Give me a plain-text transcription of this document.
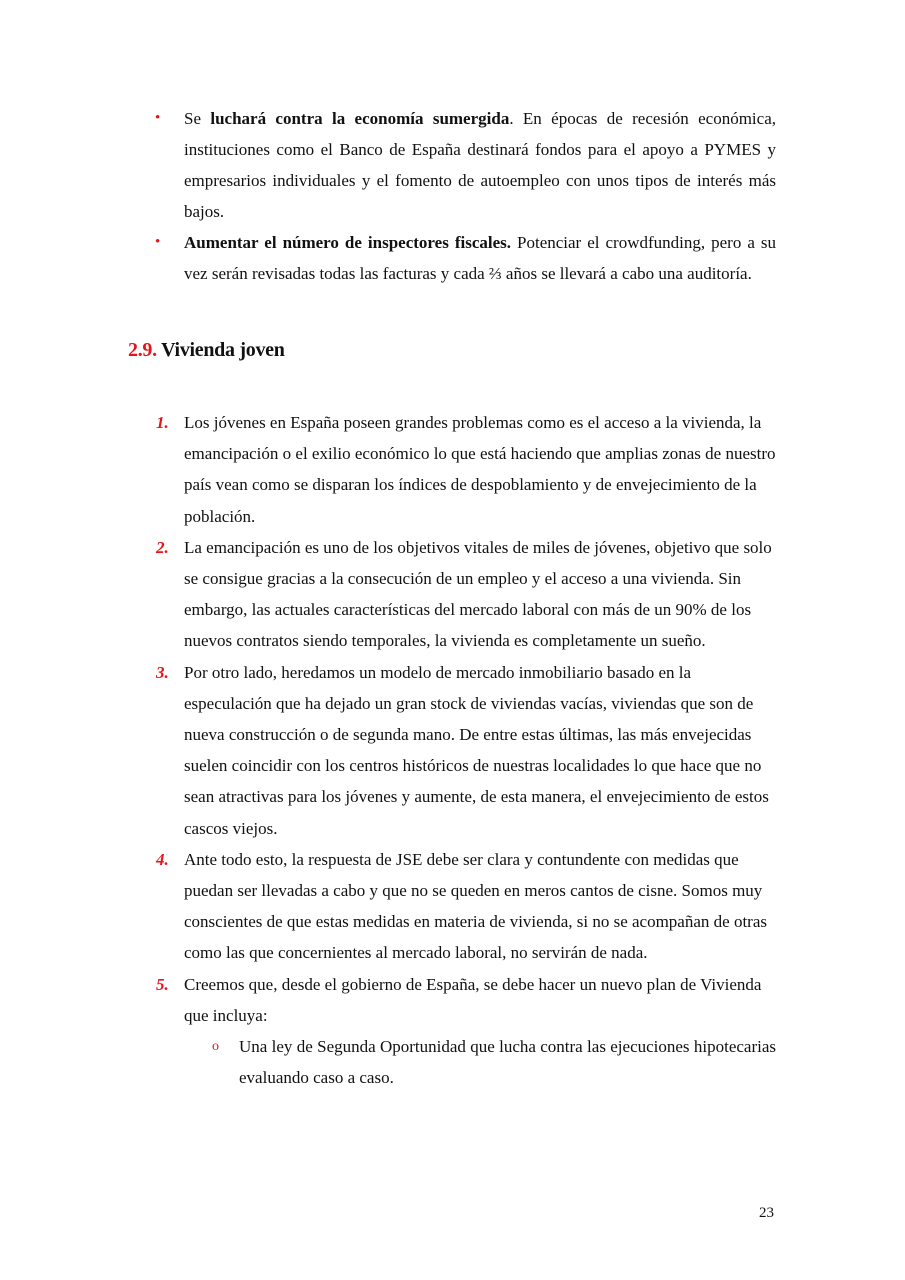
• Se luchará contra la economía sumergida. En épocas de recesión económica, instituciones como el Banco de España destinará fondos para el apoyo a PYMES y empresarios individuales y el fomento de autoempleo con unos tipos de interés más bajos.
• Aumentar el número de inspectores fiscales. Potenciar el crowdfunding, pero a su vez serán revisadas todas las facturas y cada ⅔ años se llevará a cabo una auditoría.
2.9. Vivienda joven
1. Los jóvenes en España poseen grandes problemas como es el acceso a la vivienda, la emancipación o el exilio económico lo que está haciendo que amplias zonas de nuestro país vean como se disparan los índices de despoblamiento y de envejecimiento de la población.
2. La emancipación es uno de los objetivos vitales de miles de jóvenes, objetivo que solo se consigue gracias a la consecución de un empleo y el acceso a una vivienda. Sin embargo, las actuales características del mercado laboral con más de un 90% de los nuevos contratos siendo temporales, la vivienda es completamente un sueño.
3. Por otro lado, heredamos un modelo de mercado inmobiliario basado en la especulación que ha dejado un gran stock de viviendas vacías, viviendas que son de nueva construcción o de segunda mano. De entre estas últimas, las más envejecidas suelen coincidir con los centros históricos de nuestras localidades lo que hace que no sean atractivas para los jóvenes y aumente, de esta manera, el envejecimiento de estos cascos viejos.
4. Ante todo esto, la respuesta de JSE debe ser clara y contundente con medidas que puedan ser llevadas a cabo y que no se queden en meros cantos de cisne. Somos muy conscientes de que estas medidas en materia de vivienda, si no se acompañan de otras como las que concernientes al mercado laboral, no servirán de nada.
5. Creemos que, desde el gobierno de España, se debe hacer un nuevo plan de Vivienda que incluya:
o Una ley de Segunda Oportunidad que lucha contra las ejecuciones hipotecarias evaluando caso a caso.
23
